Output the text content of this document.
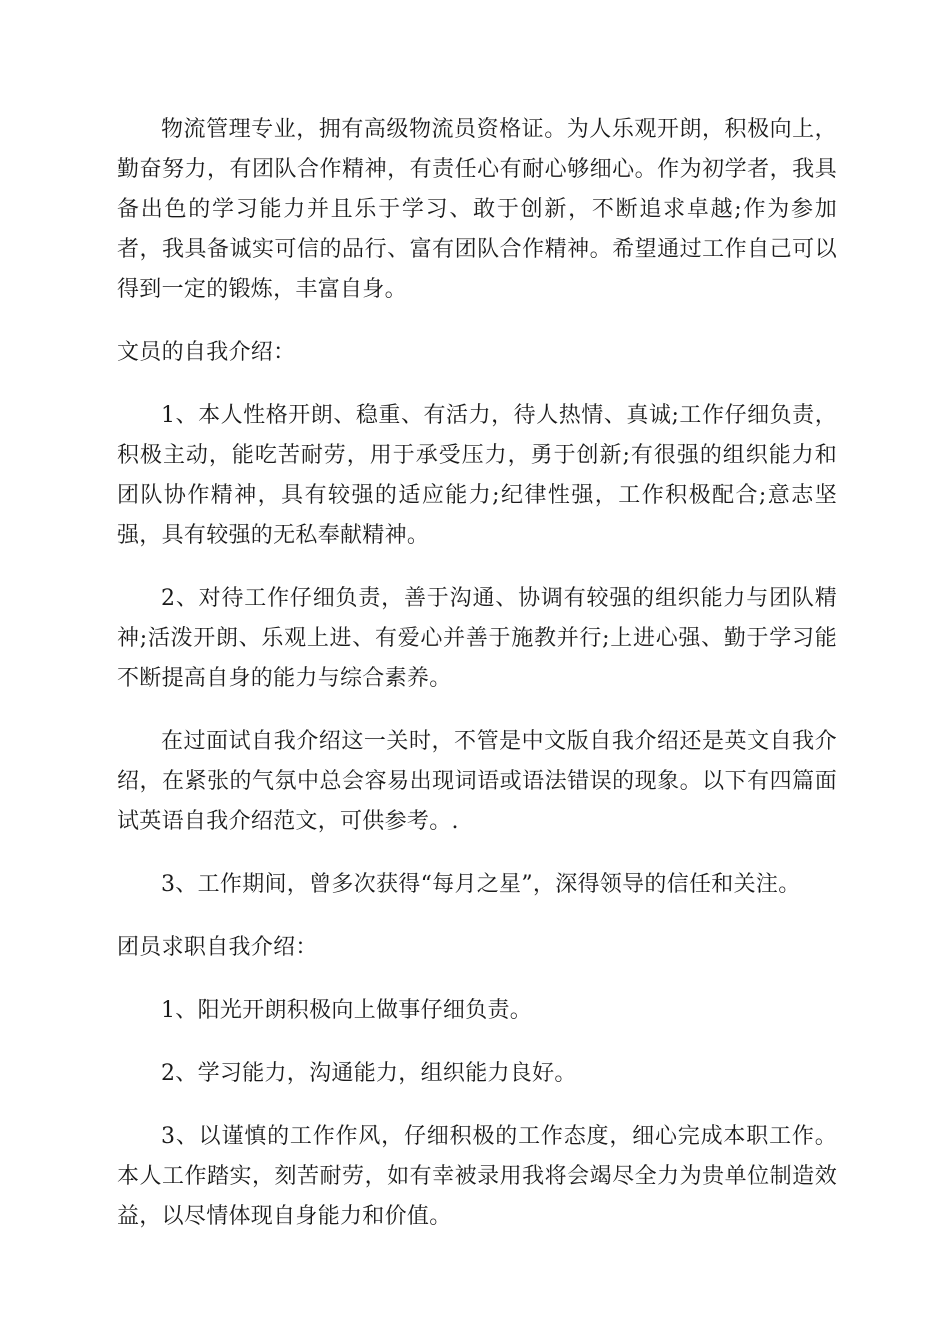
物流管理专业，拥有高级物流员资格证。为人乐观开朗，积极向上，勤奋努力，有团队合作精神，有责任心有耐心够细心。作为初学者，我具备出色的学习能力并且乐于学习、敢于创新，不断追求卓越;作为参加者，我具备诚实可信的品行、富有团队合作精神。希望通过工作自己可以得到一定的锻炼，丰富自身。

文员的自我介绍：

1、本人性格开朗、稳重、有活力，待人热情、真诚;工作仔细负责，积极主动，能吃苦耐劳，用于承受压力，勇于创新;有很强的组织能力和团队协作精神，具有较强的适应能力;纪律性强，工作积极配合;意志坚强，具有较强的无私奉献精神。

2、对待工作仔细负责，善于沟通、协调有较强的组织能力与团队精神;活泼开朗、乐观上进、有爱心并善于施教并行;上进心强、勤于学习能不断提高自身的能力与综合素养。

在过面试自我介绍这一关时，不管是中文版自我介绍还是英文自我介绍，在紧张的气氛中总会容易出现词语或语法错误的现象。以下有四篇面试英语自我介绍范文，可供参考。.

3、工作期间，曾多次获得“每月之星”，深得领导的信任和关注。

团员求职自我介绍：

1、阳光开朗积极向上做事仔细负责。

2、学习能力，沟通能力，组织能力良好。

3、以谨慎的工作作风，仔细积极的工作态度，细心完成本职工作。本人工作踏实，刻苦耐劳，如有幸被录用我将会竭尽全力为贵单位制造效益，以尽情体现自身能力和价值。
